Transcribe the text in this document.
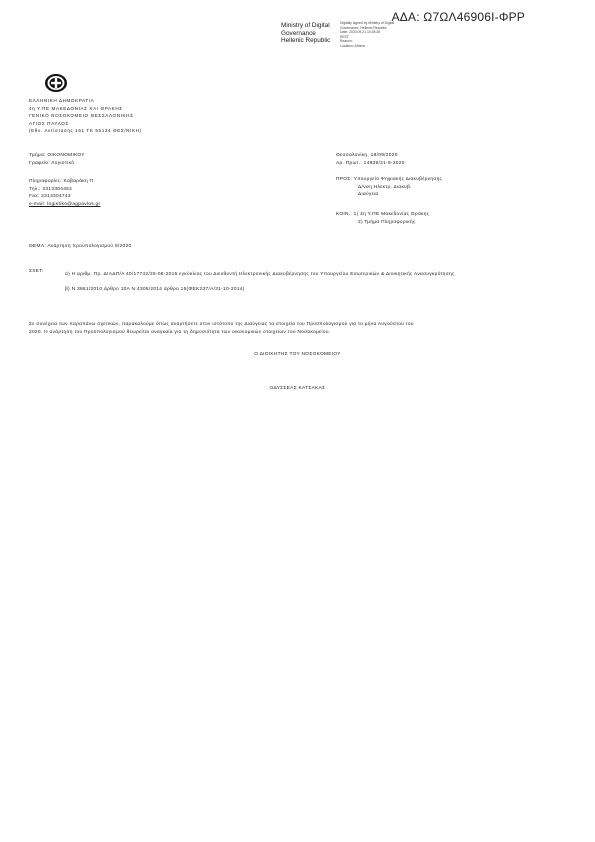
ΑΔΑ: Ω7ΩΛ46906Ι-ΦΡΡ
Ministry of Digital
Governance
Hellenic Republic
Digitally signed by Ministry of Digital
Governance, Hellenic Republic
Date: 2020.09.21 10:28:26
EEST
Reason:
Location: Athens
ΕΛΛΗΝΙΚΗ ΔΗΜΟΚΡΑΤΙΑ
4η Υ.ΠΕ ΜΑΚΕΔΟΝΙΑΣ ΚΑΙ ΘΡΑΚΗΣ
ΓΕΝΙΚΟ ΝΟΣΟΚΟΜΕΙΟ ΘΕΣΣΑΛΟΝΙΚΗΣ
ΑΓΙΟΣ ΠΑΥΛΟΣ
(Εθν. Αντίστασης 161 ΤΚ 55134 ΘΕΣ/ΝΙΚΗ)
Τμήμα: ΟΙΚΟΝΟΜΙΚΟΥ
Γραφείο: Λογιστικό
Πληροφορίες: Καβαράκη Π.
Τηλ.: 2313304452
Fax: 2313304743
e-mail: logistiko@agpavlos.gr
Θεσσαλονίκη, 18/09/2020
Αρ. Πρωτ.: 14839/21-9-2020
ΠΡΟΣ: Υπουργείο Ψηφιακής Διακυβέρνησης
Δ/νση Ηλεκτρ. Διακυβ.
Διαύγεια
ΚΟΙΝ.: 1) 4η Υ.ΠΕ Μακεδονίας Θράκης
2) Τμήμα Πληροφορικής
ΘΕΜΑ: Ανάρτηση προυπολογισμού 8/2020
ΣΧΕΤ:
α) Η αριθμ. Πρ. ΔΙΑΔΠ/Α 40/17742/26-08-2015 εγκύκλιος του Διευθυντή Ηλεκτρονικής Διακυβέρνησης του Υπουργείου Εσωτερικών & Διοικητικής Ανασυγκρότησης
β) Ν.3861/2010 άρθρο 10Α Ν.4305/2014 άρθρο 15(ΦΕΚ237/Α/31-10-2014)
Σε συνέχεια των παραπάνω σχετικών, παρακαλούμε όπως αναρτήσετε στον ιστότοπο της Διαύγειας τα στοιχεία του Προϋπολογισμού για το μήνα Αυγούστου του
2020. Η ανάρτηση του Προϋπολογισμού θεωρείται αναγκαία για τη δημοσιότητα των οικονομικών στοιχείων του Νοσοκομείου.
Ο ΔΙΟΙΚΗΤΗΣ ΤΟΥ ΝΟΣΟΚΟΜΕΙΟΥ
ΟΔΥΣΣΕΑΣ ΚΑΤΣΑΚΑΣ
